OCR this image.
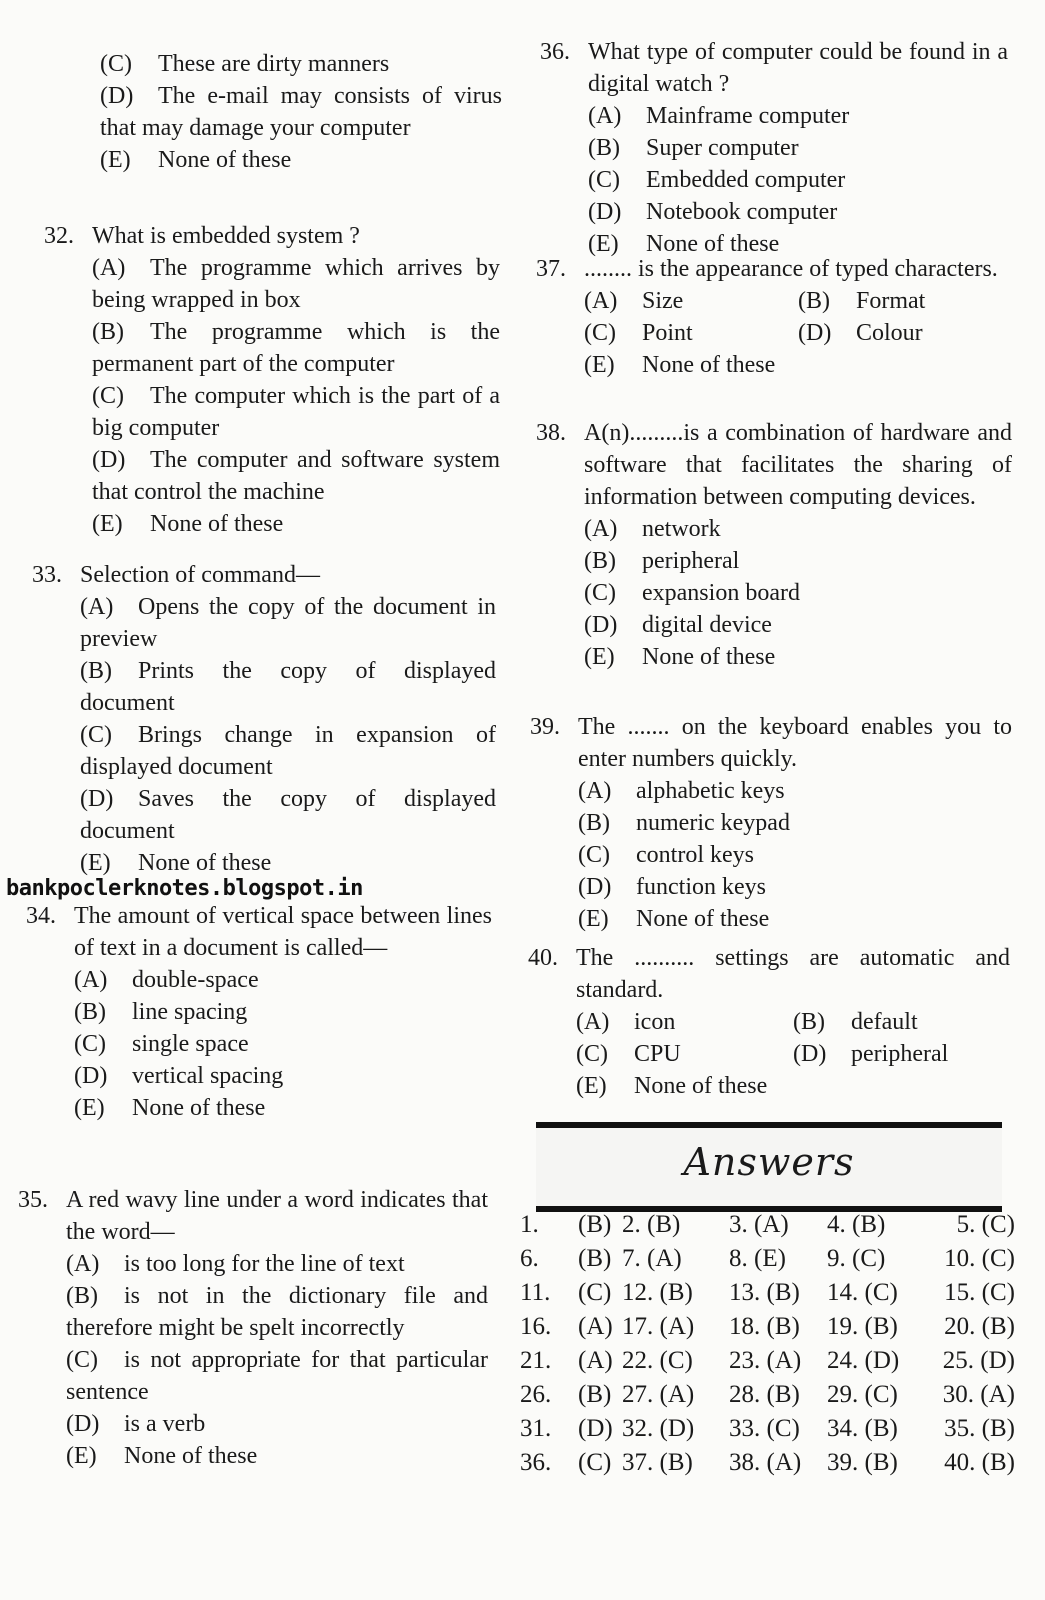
(C) These are dirty manners
(D) The e-mail may consists of virus that may damage your computer
(E) None of these
32. What is embedded system ?
(A) The programme which arrives by being wrapped in box
(B) The programme which is the permanent part of the computer
(C) The computer which is the part of a big computer
(D) The computer and software system that control the machine
(E) None of these
33. Selection of command—
(A) Opens the copy of the document in preview
(B) Prints the copy of displayed document
(C) Brings change in expansion of displayed document
(D) Saves the copy of displayed document
(E) None of these
bankpoclerknotes.blogspot.in
34. The amount of vertical space between lines of text in a document is called—
(A) double-space
(B) line spacing
(C) single space
(D) vertical spacing
(E) None of these
35. A red wavy line under a word indicates that the word—
(A) is too long for the line of text
(B) is not in the dictionary file and therefore might be spelt incorrectly
(C) is not appropriate for that particular sentence
(D) is a verb
(E) None of these
36. What type of computer could be found in a digital watch ?
(A) Mainframe computer
(B) Super computer
(C) Embedded computer
(D) Notebook computer
(E) None of these
37. ........ is the appearance of typed characters.
(A) Size	(B) Format
(C) Point	(D) Colour
(E) None of these
38. A(n).........is a combination of hardware and software that facilitates the sharing of information between computing devices.
(A) network
(B) peripheral
(C) expansion board
(D) digital device
(E) None of these
39. The ....... on the keyboard enables you to enter numbers quickly.
(A) alphabetic keys
(B) numeric keypad
(C) control keys
(D) function keys
(E) None of these
40. The .......... settings are automatic and standard.
(A) icon	(B) default
(C) CPU	(D) peripheral
(E) None of these
Answers
1.	(B) 2. (B)	3. (A)	4. (B)	5. (C)
6.	(B) 7. (A)	8. (E)	9. (C)	10. (C)
11.	(C) 12. (B)	13. (B)	14. (C)	15. (C)
16.	(A) 17. (A)	18. (B)	19. (B)	20. (B)
21.	(A) 22. (C)	23. (A)	24. (D)	25. (D)
26.	(B) 27. (A)	28. (B)	29. (C)	30. (A)
31.	(D) 32. (D)	33. (C)	34. (B)	35. (B)
36.	(C) 37. (B)	38. (A)	39. (B)	40. (B)
